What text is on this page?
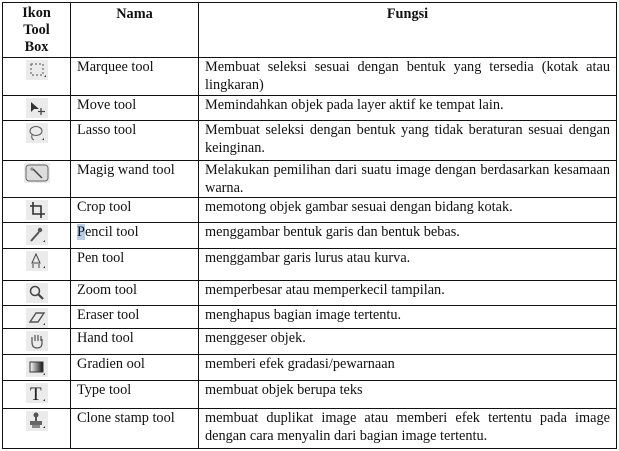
Ikon
Tool
Box	Nama	Fungsi

	Marquee tool	Membuat seleksi sesuai dengan bentuk yang tersedia (kotak atau lingkaran)

	Move tool	Memindahkan objek pada layer aktif ke tempat lain.

	Lasso tool	Membuat seleksi dengan bentuk yang tidak beraturan sesuai dengan keinginan.

	Magig wand tool	Melakukan pemilihan dari suatu image dengan berdasarkan kesamaan warna.

	Crop tool	memotong objek gambar sesuai dengan bidang kotak.

	Pencil tool	menggambar bentuk garis dan bentuk bebas.

	Pen tool	menggambar garis lurus atau kurva.

	Zoom tool	memperbesar atau memperkecil tampilan.

	Eraser tool	menghapus bagian image tertentu.

	Hand tool	menggeser objek.

	Gradien ool	memberi efek gradasi/pewarnaan

T	Type tool	membuat objek berupa teks

	Clone stamp tool	membuat duplikat image atau memberi efek tertentu pada image dengan cara menyalin dari bagian image tertentu.
